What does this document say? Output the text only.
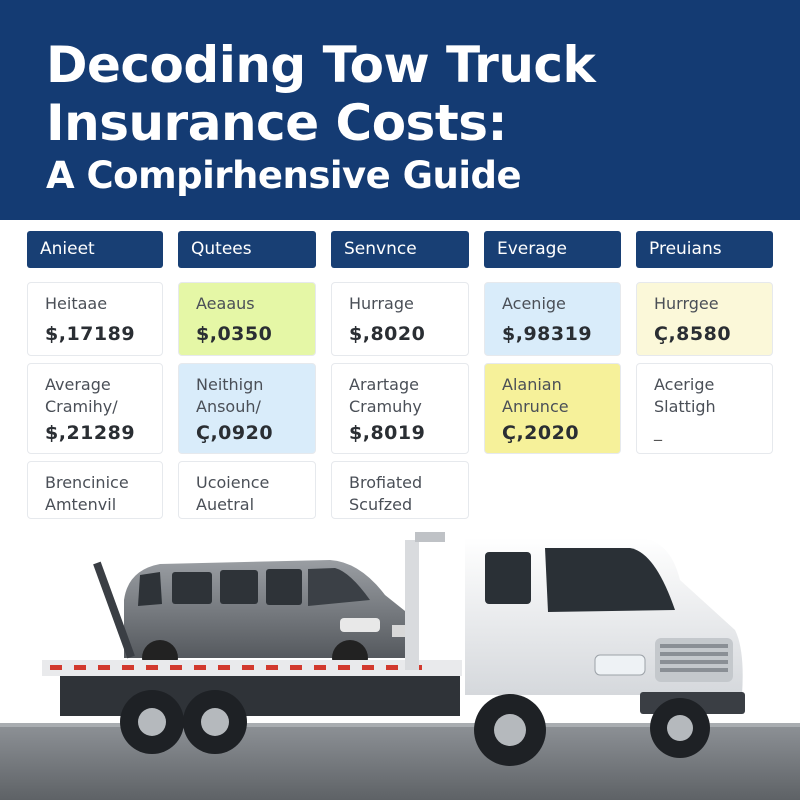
Decoding Tow Truck
Insurance Costs:
A Compirhensive Guide
Anieet	Qutees	Senvnce	Everage	Preuians
Heitaae
$,17189
Average
Cramihy/
$,21289
Brencinice
Amtenvil
Aeaaus
$,0350
Neithign
Ansouh/
Ç,0920
Ucoience
Auetral
Hurrage
$,8020
Arartage
Cramuhy
$,8019
Brofiated
Scufzed
Acenige
$,98319
Alanian
Anrunce
Ç,2020
Hurrgee
Ç,8580
Acerige
Slattigh
_
